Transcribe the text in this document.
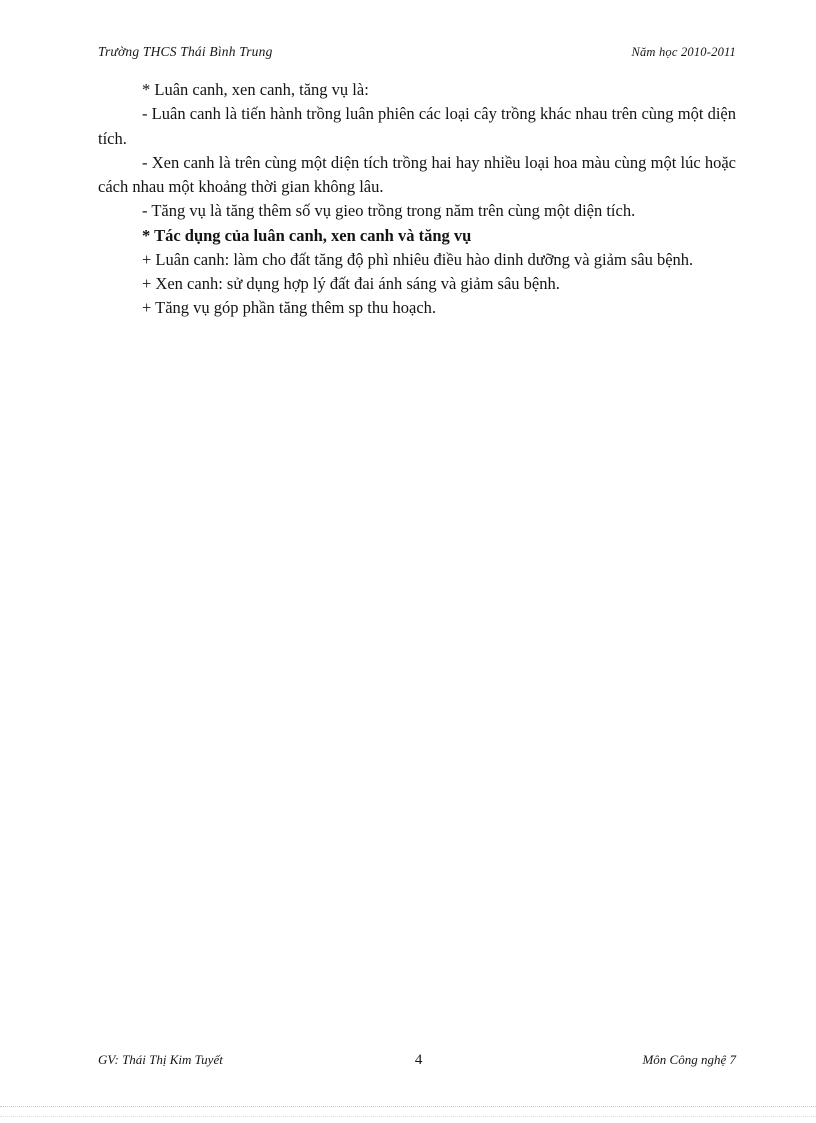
Trường THCS Thái Bình Trung	Năm học 2010-2011

* Luân canh, xen canh, tăng vụ là:

- Luân canh là tiến hành trồng luân phiên các loại cây trồng khác nhau trên cùng một diện tích.

- Xen canh là trên cùng một diện tích trồng hai hay nhiều loại hoa màu cùng một lúc hoặc cách nhau một khoảng thời gian không lâu.

- Tăng vụ là tăng thêm số vụ gieo trồng trong năm trên cùng một diện tích.

* Tác dụng của luân canh, xen canh và tăng vụ

+ Luân canh: làm cho đất tăng độ phì nhiêu điều hào dinh dưỡng và giảm sâu bệnh.

+ Xen canh: sử dụng hợp lý đất đai ánh sáng và giảm sâu bệnh.

+ Tăng vụ góp phần tăng thêm sp thu hoạch.

GV: Thái Thị Kim Tuyết	4	Môn Công nghệ 7
